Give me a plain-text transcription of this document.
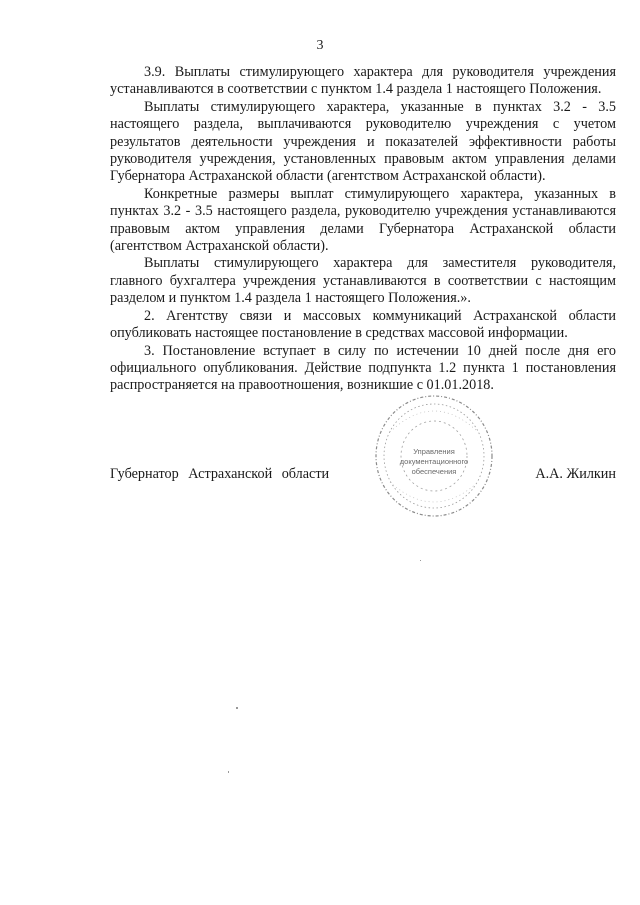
3

3.9. Выплаты стимулирующего характера для руководителя учреждения устанавливаются в соответствии с пунктом 1.4 раздела 1 настоящего Положения.

Выплаты стимулирующего характера, указанные в пунктах 3.2 - 3.5 настоящего раздела, выплачиваются руководителю учреждения с учетом результатов деятельности учреждения и показателей эффективности работы руководителя учреждения, установленных правовым актом управления делами Губернатора Астраханской области (агентством Астраханской области).

Конкретные размеры выплат стимулирующего характера, указанных в пунктах 3.2 - 3.5 настоящего раздела, руководителю учреждения устанавливаются правовым актом управления делами Губернатора Астраханской области (агентством Астраханской области).

Выплаты стимулирующего характера для заместителя руководителя, главного бухгалтера учреждения устанавливаются в соответствии с настоящим разделом и пунктом 1.4 раздела 1 настоящего Положения.».

2. Агентству связи и массовых коммуникаций Астраханской области опубликовать настоящее постановление в средствах массовой информации.

3. Постановление вступает в силу по истечении 10 дней после дня его официального опубликования. Действие подпункта 1.2 пункта 1 постановления распространяется на правоотношения, возникшие с 01.01.2018.

Управления
документационного
обеспечения
Губернатор Астраханской области	А.А. Жилкин
